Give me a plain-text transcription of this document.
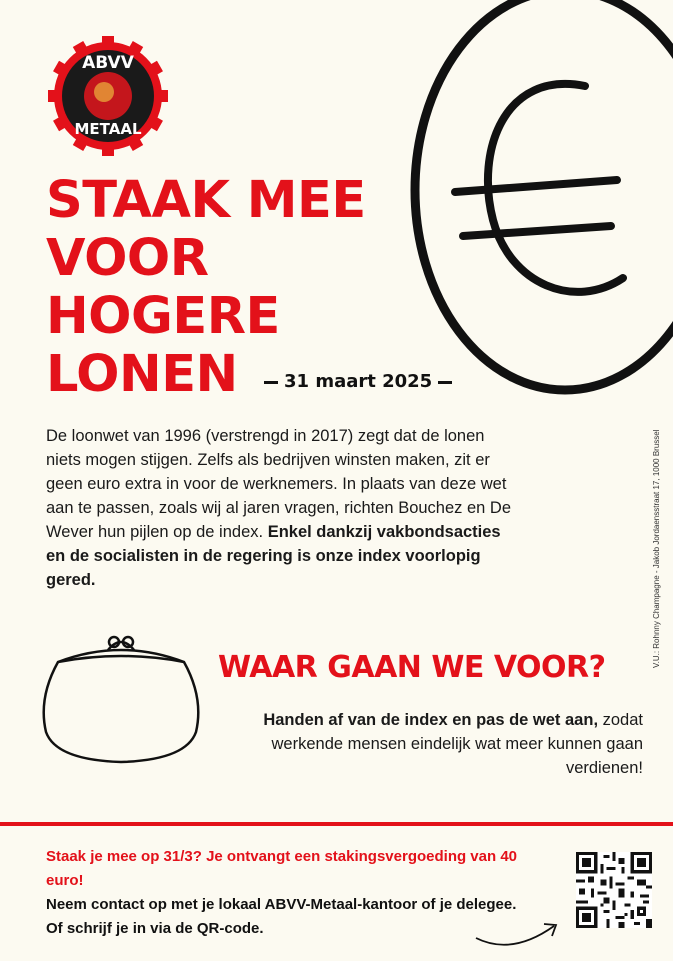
ABVV
METAAL
STAAK MEE
VOOR
HOGERE
LONEN	31 maart 2025

De loonwet van 1996 (verstrengd in 2017) zegt dat de lonen niets mogen stijgen. Zelfs als bedrijven winsten maken, zit er geen euro extra in voor de werknemers. In plaats van deze wet aan te passen, zoals wij al jaren vragen, richten Bouchez en De Wever hun pijlen op de index. Enkel dankzij vakbondsacties en de socialisten in de regering is onze index voorlopig gered.	V.U.: Rohnny Champagne - Jakob Jordaensstraat 17, 1000 Brussel
WAAR GAAN WE VOOR?

Handen af van de index en pas de wet aan, zodat werkende mensen eindelijk wat meer kunnen gaan verdienen!

Staak je mee op 31/3? Je ontvangt een stakingsvergoeding van 40 euro!
Neem contact op met je lokaal ABVV-Metaal-kantoor of je delegee. Of schrijf je in via de QR-code.
